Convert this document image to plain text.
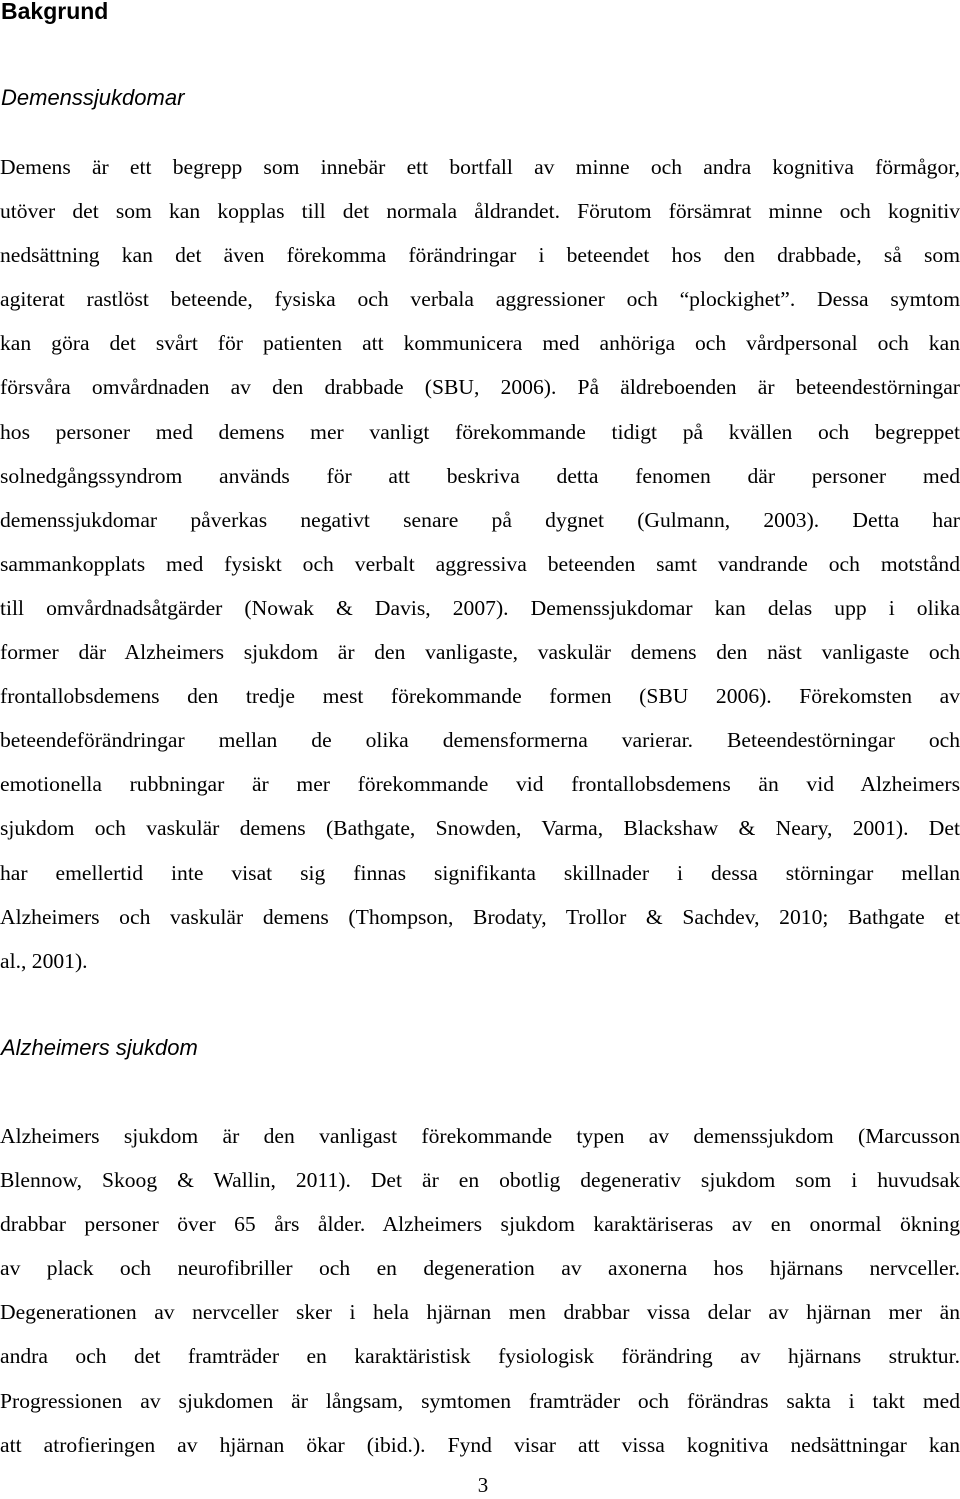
Bakgrund
Demenssjukdomar
Demens är ett begrepp som innebär ett bortfall av minne och andra kognitiva förmågor,
utöver det som kan kopplas till det normala åldrandet. Förutom försämrat minne och kognitiv
nedsättning kan det även förekomma förändringar i beteendet hos den drabbade, så som
agiterat rastlöst beteende, fysiska och verbala aggressioner och “plockighet”. Dessa symtom
kan göra det svårt för patienten att kommunicera med anhöriga och vårdpersonal och kan
försvåra omvårdnaden av den drabbade (SBU, 2006). På äldreboenden är beteendestörningar
hos personer med demens mer vanligt förekommande tidigt på kvällen och begreppet
solnedgångssyndrom används för att beskriva detta fenomen där personer med
demenssjukdomar påverkas negativt senare på dygnet (Gulmann, 2003). Detta har
sammankopplats med fysiskt och verbalt aggressiva beteenden samt vandrande och motstånd
till omvårdnadsåtgärder (Nowak & Davis, 2007). Demenssjukdomar kan delas upp i olika
former där Alzheimers sjukdom är den vanligaste, vaskulär demens den näst vanligaste och
frontallobsdemens den tredje mest förekommande formen (SBU 2006). Förekomsten av
beteendeförändringar mellan de olika demensformerna varierar. Beteendestörningar och
emotionella rubbningar är mer förekommande vid frontallobsdemens än vid Alzheimers
sjukdom och vaskulär demens (Bathgate, Snowden, Varma, Blackshaw & Neary, 2001). Det
har emellertid inte visat sig finnas signifikanta skillnader i dessa störningar mellan
Alzheimers och vaskulär demens (Thompson, Brodaty, Trollor & Sachdev, 2010; Bathgate et
al., 2001).
Alzheimers sjukdom
Alzheimers sjukdom är den vanligast förekommande typen av demenssjukdom (Marcusson
Blennow, Skoog & Wallin, 2011). Det är en obotlig degenerativ sjukdom som i huvudsak
drabbar personer över 65 års ålder. Alzheimers sjukdom karaktäriseras av en onormal ökning
av plack och neurofibriller och en degeneration av axonerna hos hjärnans nervceller.
Degenerationen av nervceller sker i hela hjärnan men drabbar vissa delar av hjärnan mer än
andra och det framträder en karaktäristisk fysiologisk förändring av hjärnans struktur.
Progressionen av sjukdomen är långsam, symtomen framträder och förändras sakta i takt med
att atrofieringen av hjärnan ökar (ibid.). Fynd visar att vissa kognitiva nedsättningar kan
3
